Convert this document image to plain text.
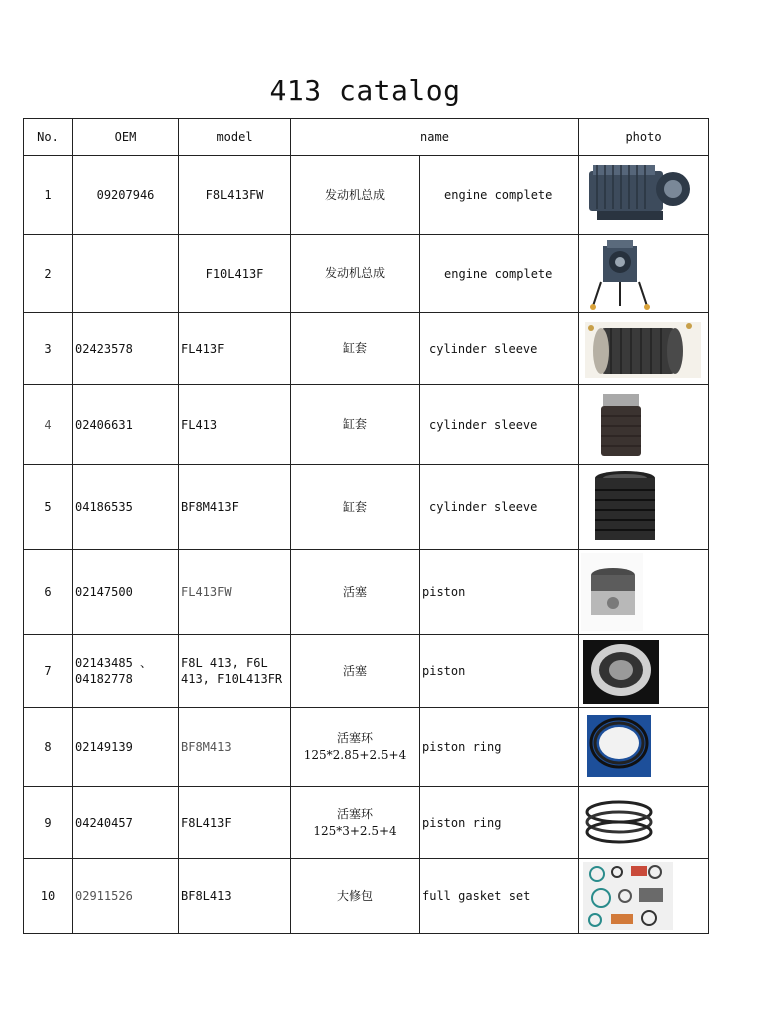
413 catalog
No.	OEM	model	name		photo
1	09207946	F8L413FW	发动机总成	engine complete	

2		F10L413F	发动机总成	engine complete	

3	02423578	FL413F	缸套	cylinder sleeve	

4	02406631	FL413	缸套	cylinder sleeve	

5	04186535	BF8M413F	缸套	cylinder sleeve	

6	02147500	FL413FW	活塞	piston	

7	02143485 、
04182778	F8L 413, F6L
413, F10L413FR	活塞	piston	

8	02149139	BF8M413	活塞环
125*2.85+2.5+4	piston ring	

9	04240457	F8L413F	活塞环
125*3+2.5+4	piston ring	

10	02911526	BF8L413	大修包	full gasket set	
